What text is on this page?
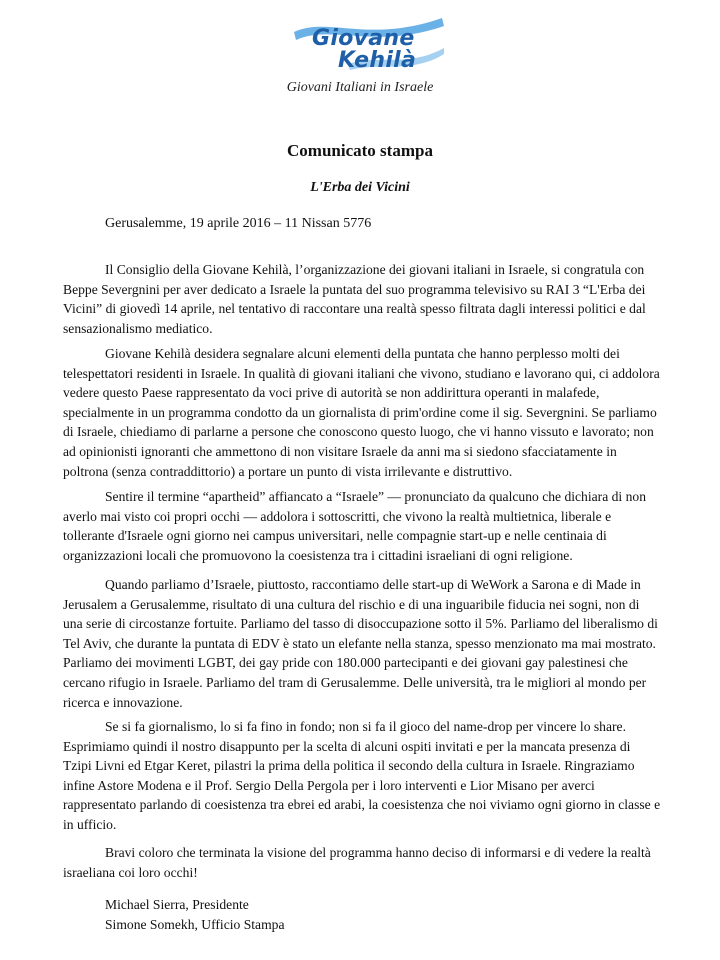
Giovane
Kehilà
Giovani Italiani in Israele
Comunicato stampa
L'Erba dei Vicini
Gerusalemme, 19 aprile 2016 – 11 Nissan 5776

Il Consiglio della Giovane Kehilà, l’organizzazione dei giovani italiani in Israele, si congratula con Beppe Severgnini per aver dedicato a Israele la puntata del suo programma televisivo su RAI 3 “L'Erba dei Vicini” di giovedì 14 aprile, nel tentativo di raccontare una realtà spesso filtrata dagli interessi politici e dal sensazionalismo mediatico.

Giovane Kehilà desidera segnalare alcuni elementi della puntata che hanno perplesso molti dei telespettatori residenti in Israele. In qualità di giovani italiani che vivono, studiano e lavorano qui, ci addolora vedere questo Paese rappresentato da voci prive di autorità se non addirittura operanti in malafede, specialmente in un programma condotto da un giornalista di prim'ordine come il sig. Severgnini. Se parliamo di Israele, chiediamo di parlarne a persone che conoscono questo luogo, che vi hanno vissuto e lavorato; non ad opinionisti ignoranti che ammettono di non visitare Israele da anni ma si siedono sfacciatamente in poltrona (senza contraddittorio) a portare un punto di vista irrilevante e distruttivo.

Sentire il termine “apartheid” affiancato a “Israele” — pronunciato da qualcuno che dichiara di non averlo mai visto coi propri occhi — addolora i sottoscritti, che vivono la realtà multietnica, liberale e tollerante d'Israele ogni giorno nei campus universitari, nelle compagnie start-up e nelle centinaia di organizzazioni locali che promuovono la coesistenza tra i cittadini israeliani di ogni religione.

Quando parliamo d’Israele, piuttosto, raccontiamo delle start-up di WeWork a Sarona e di Made in Jerusalem a Gerusalemme, risultato di una cultura del rischio e di una inguaribile fiducia nei sogni, non di una serie di circostanze fortuite. Parliamo del tasso di disoccupazione sotto il 5%. Parliamo del liberalismo di Tel Aviv, che durante la puntata di EDV è stato un elefante nella stanza, spesso menzionato ma mai mostrato. Parliamo dei movimenti LGBT, dei gay pride con 180.000 partecipanti e dei giovani gay palestinesi che cercano rifugio in Israele. Parliamo del tram di Gerusalemme. Delle università, tra le migliori al mondo per ricerca e innovazione.

Se si fa giornalismo, lo si fa fino in fondo; non si fa il gioco del name-drop per vincere lo share. Esprimiamo quindi il nostro disappunto per la scelta di alcuni ospiti invitati e per la mancata presenza di Tzipi Livni ed Etgar Keret, pilastri la prima della politica il secondo della cultura in Israele. Ringraziamo infine Astore Modena e il Prof. Sergio Della Pergola per i loro interventi e Lior Misano per averci rappresentato parlando di coesistenza tra ebrei ed arabi, la coesistenza che noi viviamo ogni giorno in classe e in ufficio.

Bravi coloro che terminata la visione del programma hanno deciso di informarsi e di vedere la realtà israeliana coi loro occhi!

Michael Sierra, Presidente
Simone Somekh, Ufficio Stampa
